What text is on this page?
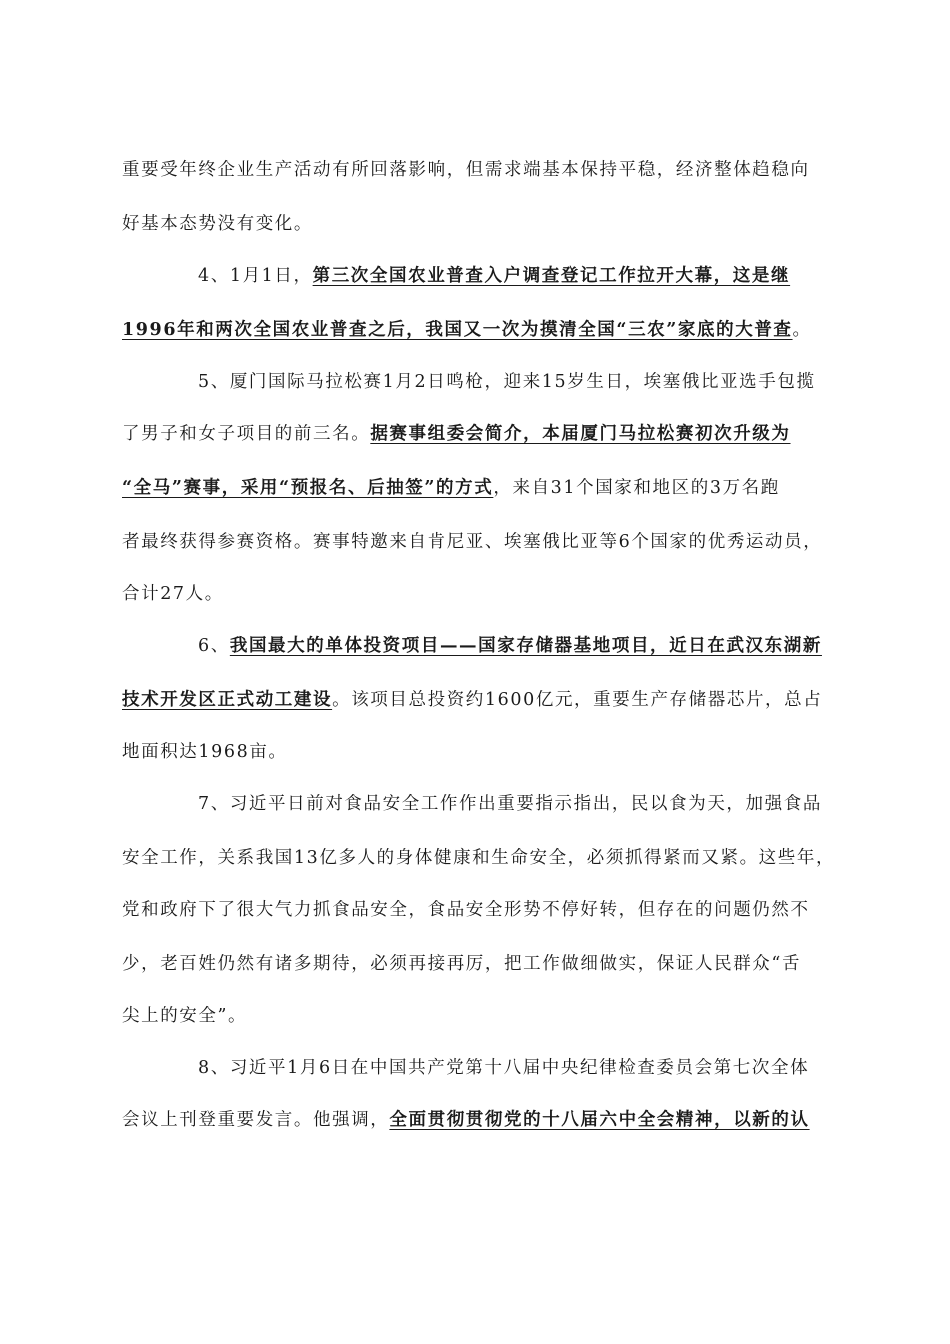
重要受年终企业生产活动有所回落影响，但需求端基本保持平稳，经济整体趋稳向

好基本态势没有变化。

4、1月1日，第三次全国农业普查入户调查登记工作拉开大幕，这是继

1996年和两次全国农业普查之后，我国又一次为摸清全国“三农”家底的大普查。

5、厦门国际马拉松赛1月2日鸣枪，迎来15岁生日，埃塞俄比亚选手包揽

了男子和女子项目的前三名。据赛事组委会简介，本届厦门马拉松赛初次升级为

“全马”赛事，采用“预报名、后抽签”的方式，来自31个国家和地区的3万名跑

者最终获得参赛资格。赛事特邀来自肯尼亚、埃塞俄比亚等6个国家的优秀运动员，

合计27人。

6、我国最大的单体投资项目——国家存储器基地项目，近日在武汉东湖新

技术开发区正式动工建设。该项目总投资约1600亿元，重要生产存储器芯片，总占

地面积达1968亩。

7、习近平日前对食品安全工作作出重要指示指出，民以食为天，加强食品

安全工作，关系我国13亿多人的身体健康和生命安全，必须抓得紧而又紧。这些年，

党和政府下了很大气力抓食品安全，食品安全形势不停好转，但存在的问题仍然不

少，老百姓仍然有诸多期待，必须再接再厉，把工作做细做实，保证人民群众“舌

尖上的安全”。

8、习近平1月6日在中国共产党第十八届中央纪律检查委员会第七次全体

会议上刊登重要发言。他强调，全面贯彻贯彻党的十八届六中全会精神，以新的认
